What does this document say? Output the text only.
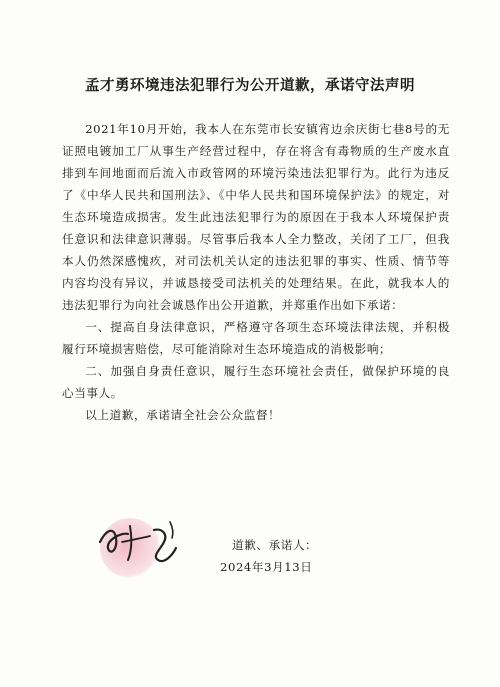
孟才勇环境违法犯罪行为公开道歉，承诺守法声明

2021年10月开始，我本人在东莞市长安镇宵边余庆街七巷8号的无证照电镀加工厂从事生产经营过程中，存在将含有毒物质的生产废水直排到车间地面而后流入市政管网的环境污染违法犯罪行为。此行为违反了《中华人民共和国刑法》、《中华人民共和国环境保护法》的规定，对生态环境造成损害。发生此违法犯罪行为的原因在于我本人环境保护责任意识和法律意识薄弱。尽管事后我本人全力整改，关闭了工厂，但我本人仍然深感愧疚，对司法机关认定的违法犯罪的事实、性质、情节等内容均没有异议，并诚恳接受司法机关的处理结果。在此，就我本人的违法犯罪行为向社会诚恳作出公开道歉，并郑重作出如下承诺：

一、提高自身法律意识，严格遵守各项生态环境法律法规，并积极履行环境损害赔偿，尽可能消除对生态环境造成的消极影响；

二、加强自身责任意识，履行生态环境社会责任，做保护环境的良心当事人。

以上道歉，承诺请全社会公众监督！

道歉、承诺人：
2024年3月13日
